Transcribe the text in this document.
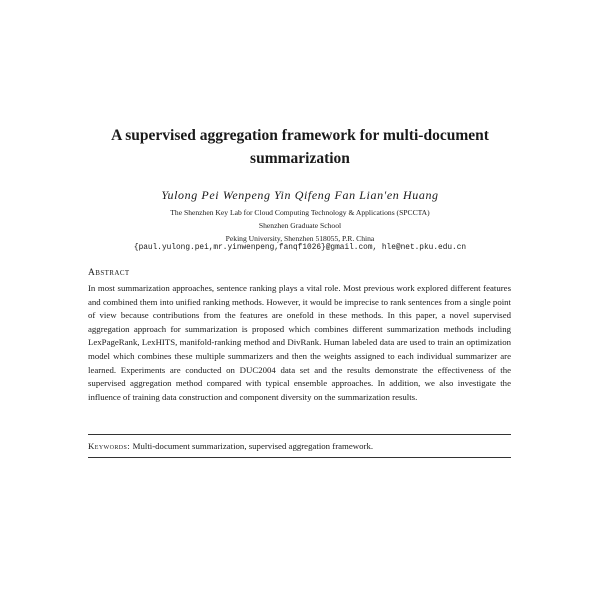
A supervised aggregation framework for multi-document summarization
Yulong Pei Wenpeng Yin Qifeng Fan Lian'en Huang
The Shenzhen Key Lab for Cloud Computing Technology & Applications (SPCCTA)
Shenzhen Graduate School
Peking University, Shenzhen 518055, P.R. China
{paul.yulong.pei,mr.yinwenpeng,fanqf1026}@gmail.com, hle@net.pku.edu.cn
Abstract

In most summarization approaches, sentence ranking plays a vital role. Most previous work explored different features and combined them into unified ranking methods. However, it would be imprecise to rank sentences from a single point of view because contributions from the features are onefold in these methods. In this paper, a novel supervised aggregation approach for summarization is proposed which combines different summarization methods including LexPageRank, LexHITS, manifold-ranking method and DivRank. Human labeled data are used to train an optimization model which combines these multiple summarizers and then the weights assigned to each individual summarizer are learned. Experiments are conducted on DUC2004 data set and the results demonstrate the effectiveness of the supervised aggregation method compared with typical ensemble approaches. In addition, we also investigate the influence of training data construction and component diversity on the summarization results.

Keywords: Multi-document summarization, supervised aggregation framework.
